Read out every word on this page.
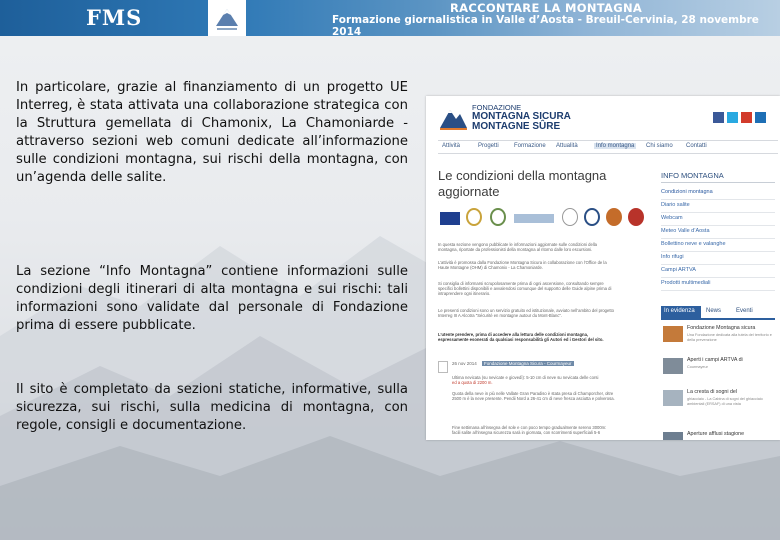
FMS	RACCONTARE LA MONTAGNA
Formazione giornalistica in Valle d’Aosta - Breuil-Cervinia, 28 novembre 2014
In particolare, grazie al finanziamento di un progetto UE Interreg, è stata attivata una collaborazione strategica con la Struttura gemellata di Chamonix, La Chamoniarde - attraverso sezioni web comuni dedicate all’informazione sulle condizioni montagna, sui rischi della montagna, con un’agenda delle salite.
La sezione “Info Montagna” contiene informazioni sulle condizioni degli itinerari di alta montagna e sui rischi: tali informazioni sono validate dal personale di Fondazione prima di essere pubblicate.
Il sito è completato da sezioni statiche, informative, sulla sicurezza, sui rischi, sulla medicina di montagna, con regole, consigli e documentazione.
FONDAZIONE
MONTAGNA SICURA
MONTAGNE SÛRE
Attività	Progetti	Formazione Attualità	Info montagna	Chi siamo Contatti
Le condizioni della montagna
aggiornate
In questa sezione vengono pubblicate le informazioni aggiornate sulle condizioni della
montagna, riportate da professionisti della montagna al ritorno dalle loro escursioni.
L’attività è promossa dalla Fondazione Montagna Sicura in collaborazione con l’Office de la
Haute Montagne (OHM) di Chamonix - La Chamoniarde.
Si consiglia di informarsi scrupolosamente prima di ogni ascensione, consultando sempre
specifici bollettini disponibili e avvalendosi comunque del supporto delle Guide alpine prima di
intraprendere ogni itinerario.
Le presenti condizioni sono un servizio gratuito ed istituzionale, avviato nell’ambito del progetto
Interreg III A Alcotra "Sécurité en montagne autour du Mont-Blanc".
L’utente prendere, prima di accedere alla lettura delle condizioni montagna,
espressamente esonerati da qualsiasi responsabilità gli Autori ed i Gestori del sito.
26 nov 2014	Fondazione Montagna Sicura - Courmayeur
Ultima nevicata (su nevicate e giovedì): 5-10 cm di neve su nevicata delle corsi
ed a quota di 2200 m.
Quota della neve in più nelle Vallate Gran Paradiso è stata presa di Champorcher, oltre
2500 m è la neve presente. Pendii Nord a 26-41 cm di neve fresca asciutta e polverosa.
Fine settimana all’insegna del sole e con poco tempo gradualmente sereno 3000m:
facili salite all’insegna sicurezza sarà in giornata, con scorrimenti superficiali 5-6
INFO MONTAGNA
Condizioni montagna
Diario salite
Webcam
Meteo Valle d’Aosta
Bollettino neve e valanghe
Info rifugi
Campi ARTVA
Prodotti multimediali
In evidenza	News	Eventi
Fondazione Montagna sicura
Una Fondazione dedicata alla tutela del territorio e della prevenzione
Aperti i campi ARTVA di
Courmayeur
La cresta di sogni del
ghiacciaio - La Cabina di sogni del ghiacciaio ambientali (ERSAF) di una vista
Aperture afflusi stagione
